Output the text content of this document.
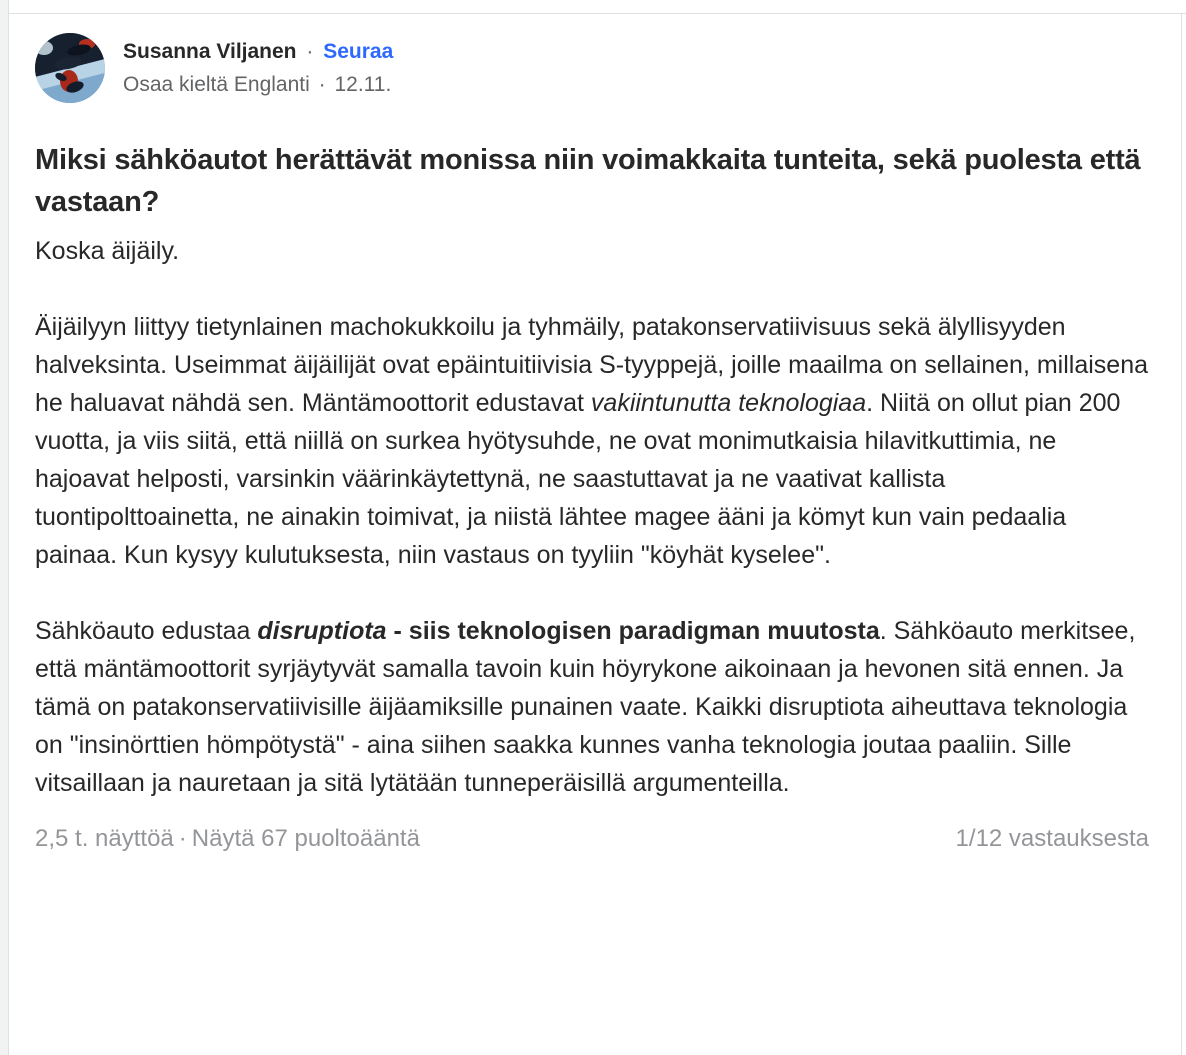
Susanna Viljanen · Seuraa
Osaa kieltä Englanti · 12.11.
Miksi sähköautot herättävät monissa niin voimakkaita tunteita, sekä puolesta että vastaan?

Koska äijäily.

Äijäilyyn liittyy tietynlainen machokukkoilu ja tyhmäily, patakonservatiivisuus sekä älyllisyyden halveksinta. Useimmat äijäilijät ovat epäintuitiivisia S-tyyppejä, joille maailma on sellainen, millaisena he haluavat nähdä sen. Mäntämoottorit edustavat vakiintunutta teknologiaa. Niitä on ollut pian 200 vuotta, ja viis siitä, että niillä on surkea hyötysuhde, ne ovat monimutkaisia hilavitkuttimia, ne hajoavat helposti, varsinkin väärinkäytettynä, ne saastuttavat ja ne vaativat kallista tuontipolttoainetta, ne ainakin toimivat, ja niistä lähtee magee ääni ja kömyt kun vain pedaalia painaa. Kun kysyy kulutuksesta, niin vastaus on tyyliin "köyhät kyselee".

Sähköauto edustaa disruptiota - siis teknologisen paradigman muutosta. Sähköauto merkitsee, että mäntämoottorit syrjäytyvät samalla tavoin kuin höyrykone aikoinaan ja hevonen sitä ennen. Ja tämä on patakonservatiivisille äijäamiksille punainen vaate. Kaikki disruptiota aiheuttava teknologia on "insinörttien hömpötystä" - aina siihen saakka kunnes vanha teknologia joutaa paaliin. Sille vitsaillaan ja nauretaan ja sitä lytätään tunneperäisillä argumenteilla.

2,5 t. näyttöä · Näytä 67 puoltoääntä	1/12 vastauksesta
